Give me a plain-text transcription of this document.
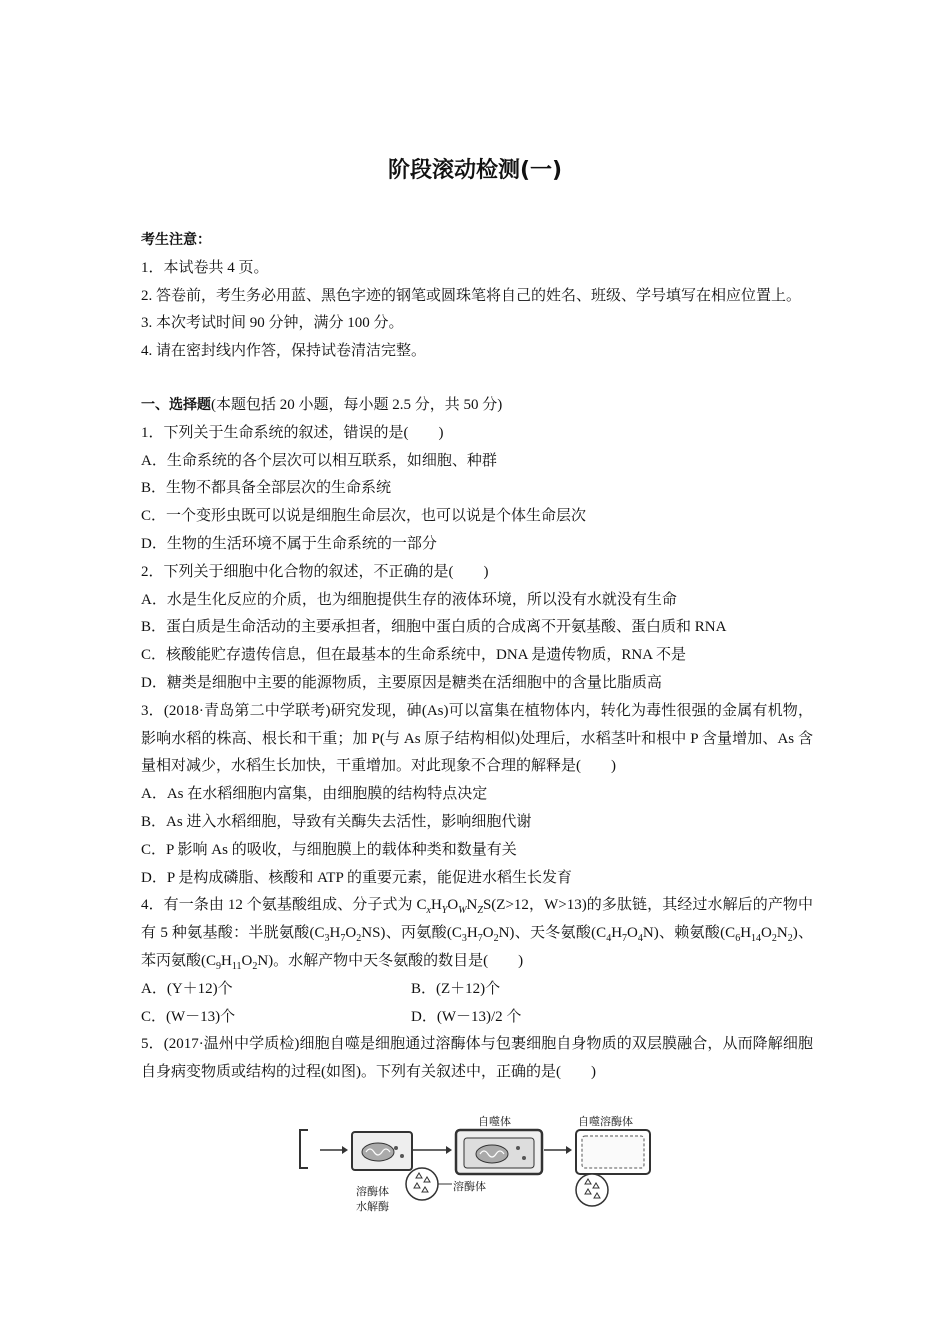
阶段滚动检测(一)
考生注意：
1．本试卷共 4 页。
2. 答卷前，考生务必用蓝、黑色字迹的钢笔或圆珠笔将自己的姓名、班级、学号填写在相应位置上。
3. 本次考试时间 90 分钟，满分 100 分。
4. 请在密封线内作答，保持试卷清洁完整。
一、选择题(本题包括 20 小题，每小题 2.5 分，共 50 分)
1．下列关于生命系统的叙述，错误的是(　　)
A．生命系统的各个层次可以相互联系，如细胞、种群
B．生物不都具备全部层次的生命系统
C．一个变形虫既可以说是细胞生命层次，也可以说是个体生命层次
D．生物的生活环境不属于生命系统的一部分
2．下列关于细胞中化合物的叙述，不正确的是(　　)
A．水是生化反应的介质，也为细胞提供生存的液体环境，所以没有水就没有生命
B．蛋白质是生命活动的主要承担者，细胞中蛋白质的合成离不开氨基酸、蛋白质和 RNA
C．核酸能贮存遗传信息，但在最基本的生命系统中，DNA 是遗传物质，RNA 不是
D．糖类是细胞中主要的能源物质，主要原因是糖类在活细胞中的含量比脂质高
3．(2018·青岛第二中学联考)研究发现，砷(As)可以富集在植物体内，转化为毒性很强的金属有机物，影响水稻的株高、根长和干重；加 P(与 As 原子结构相似)处理后，水稻茎叶和根中 P 含量增加、As 含量相对减少，水稻生长加快，干重增加。对此现象不合理的解释是(　　)
A．As 在水稻细胞内富集，由细胞膜的结构特点决定
B．As 进入水稻细胞，导致有关酶失去活性，影响细胞代谢
C．P 影响 As 的吸收，与细胞膜上的载体种类和数量有关
D．P 是构成磷脂、核酸和 ATP 的重要元素，能促进水稻生长发育
4．有一条由 12 个氨基酸组成、分子式为 $C_xH_YO_WN_ZS(Z>12$，W>13)的多肽链，其经过水解后的产物中有 5 种氨基酸：半胱氨酸$(C_3H_7O_2NS)$、丙氨酸$(C_3H_7O_2N)$、天冬氨酸$(C_4H_7O_4N)$、赖氨酸$(C_6H_{14}O_2N_2)$、苯丙氨酸$(C_9H_{11}O_2N)$。水解产物中天冬氨酸的数目是(　　)
A．(Y＋12)个	B．(Z＋12)个
C．(W－13)个	D．(W－13)/2 个
5．(2017·温州中学质检)细胞自噬是细胞通过溶酶体与包裹细胞自身物质的双层膜融合，从而降解细胞自身病变物质或结构的过程(如图)。下列有关叙述中，正确的是(　　)
自噬体	自噬溶酶体
溶酶体
水解酶
溶酶体
